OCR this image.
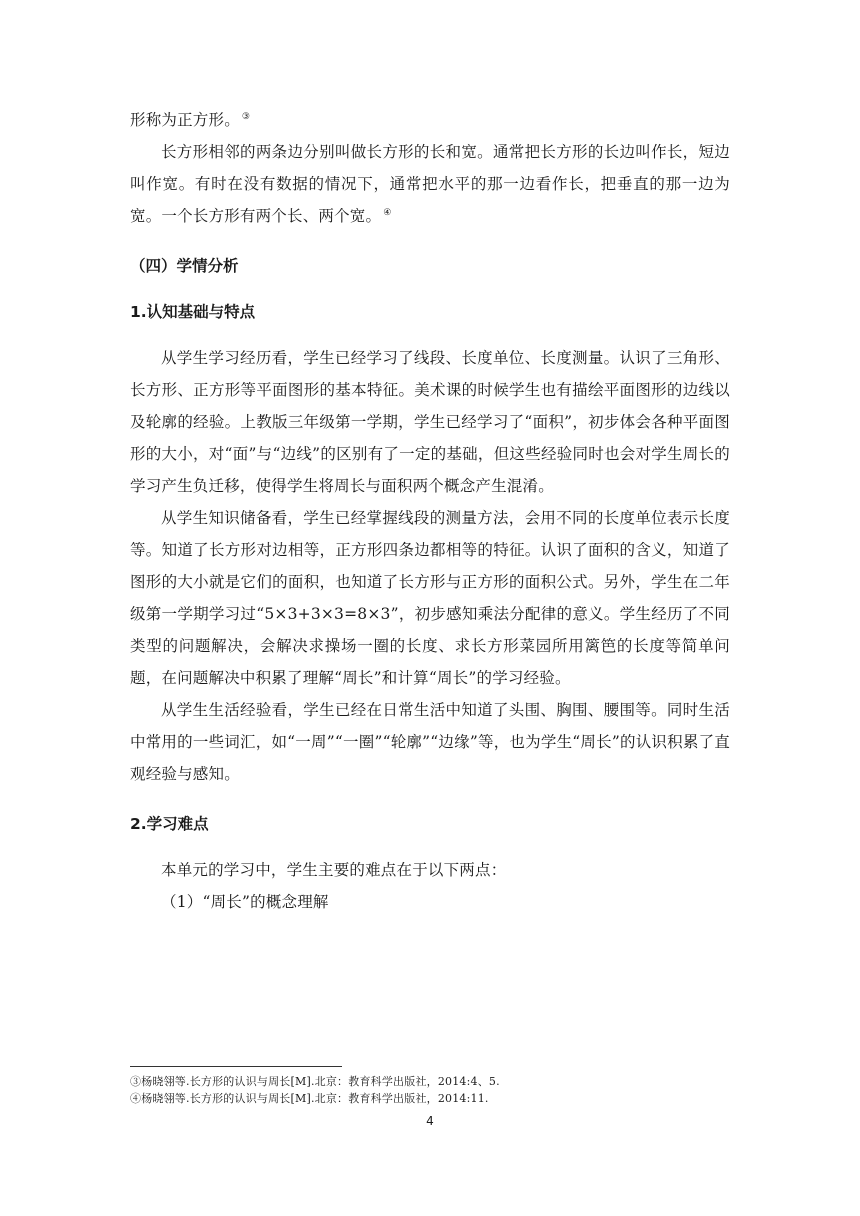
形称为正方形。 ③

长方形相邻的两条边分别叫做长方形的长和宽。通常把长方形的长边叫作长，短边叫作宽。有时在没有数据的情况下，通常把水平的那一边看作长，把垂直的那一边为宽。一个长方形有两个长、两个宽。 ④

（四）学情分析
1.认知基础与特点

从学生学习经历看，学生已经学习了线段、长度单位、长度测量。认识了三角形、长方形、正方形等平面图形的基本特征。美术课的时候学生也有描绘平面图形的边线以及轮廓的经验。上教版三年级第一学期，学生已经学习了“面积”，初步体会各种平面图形的大小，对“面”与“边线”的区别有了一定的基础，但这些经验同时也会对学生周长的学习产生负迁移，使得学生将周长与面积两个概念产生混淆。

从学生知识储备看，学生已经掌握线段的测量方法，会用不同的长度单位表示长度等。知道了长方形对边相等，正方形四条边都相等的特征。认识了面积的含义，知道了图形的大小就是它们的面积，也知道了长方形与正方形的面积公式。另外，学生在二年级第一学期学习过“5×3+3×3=8×3”，初步感知乘法分配律的意义。学生经历了不同类型的问题解决，会解决求操场一圈的长度、求长方形菜园所用篱笆的长度等简单问题，在问题解决中积累了理解“周长”和计算“周长”的学习经验。

从学生生活经验看，学生已经在日常生活中知道了头围、胸围、腰围等。同时生活中常用的一些词汇，如“一周”“一圈”“轮廓”“边缘”等，也为学生“周长”的认识积累了直观经验与感知。

2.学习难点

本单元的学习中，学生主要的难点在于以下两点：

（1）“周长”的概念理解

③杨晓翎等.长方形的认识与周长[M].北京：教育科学出版社，2014:4、5.

④杨晓翎等.长方形的认识与周长[M].北京：教育科学出版社，2014:11.

4
